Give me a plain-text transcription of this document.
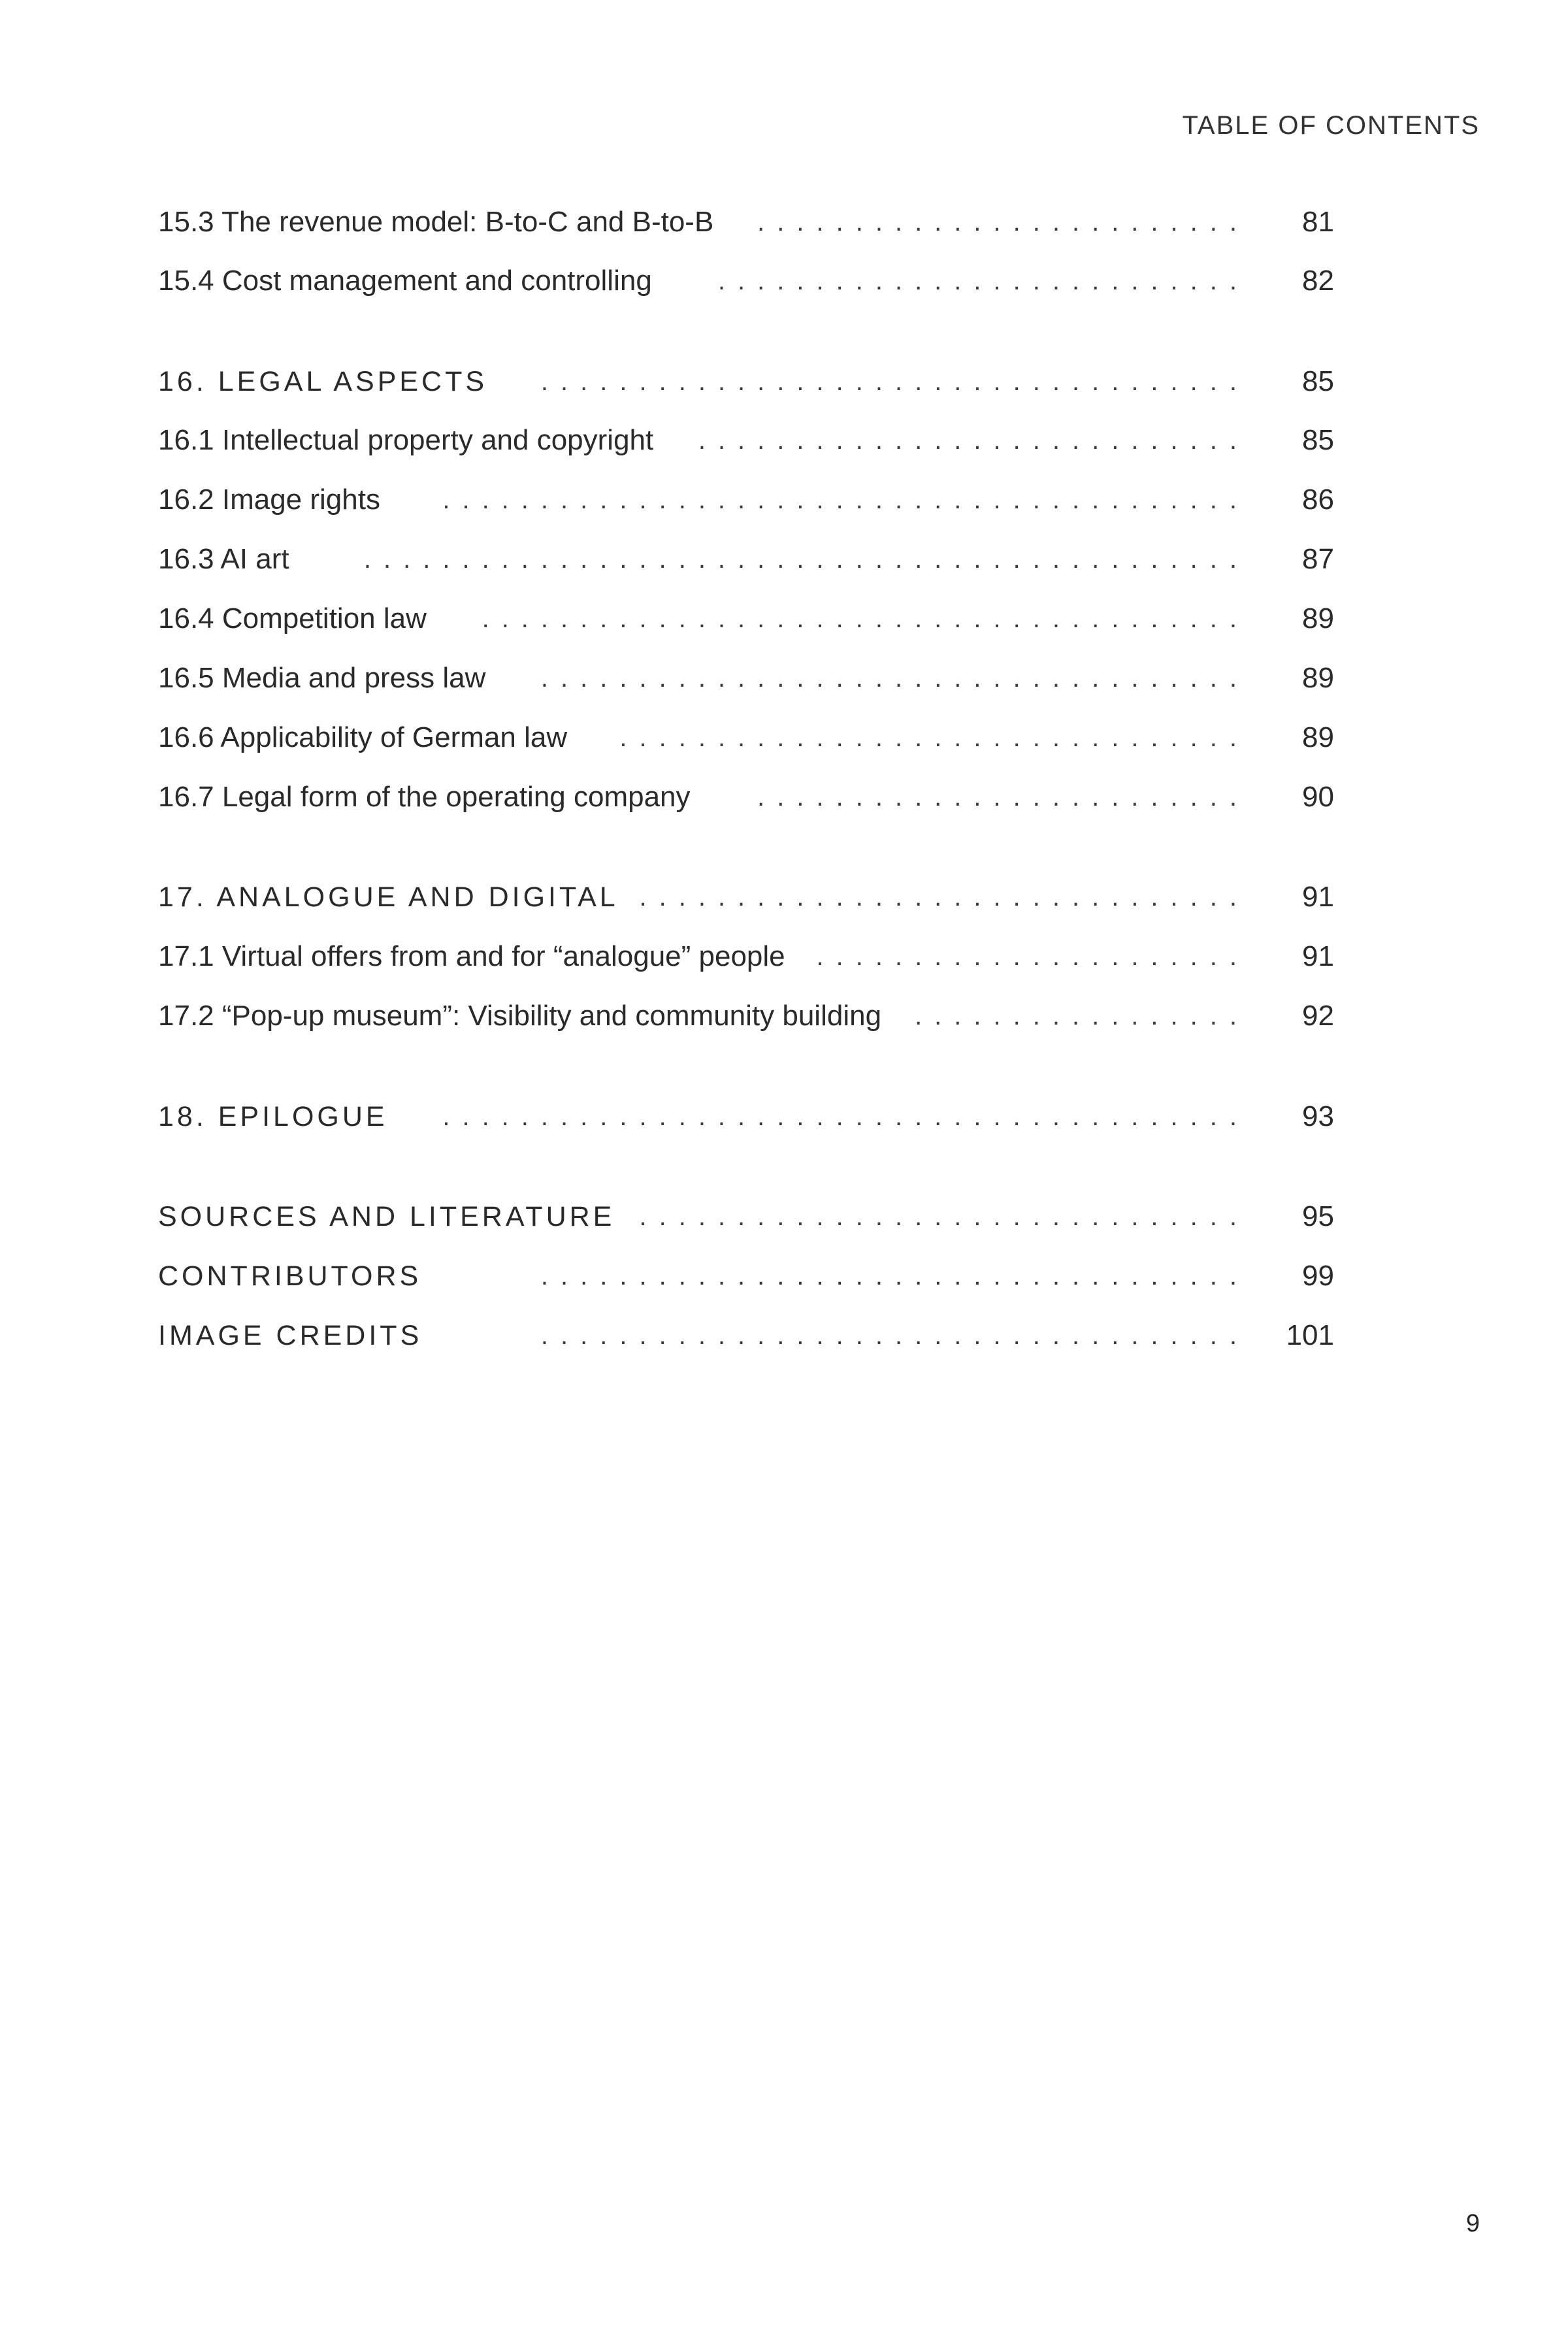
TABLE OF CONTENTS
15.3 The revenue model: B-to-C and B-to-B	.........................	81
15.4 Cost management and controlling	...........................	82
16. LEGAL ASPECTS	....................................	85
16.1 Intellectual property and copyright	............................	85
16.2 Image rights	.........................................	86
16.3 AI art	.............................................	87
16.4 Competition law	.......................................	89
16.5 Media and press law	....................................	89
16.6 Applicability of German law	................................	89
16.7 Legal form of the operating company	.........................	90
17. ANALOGUE AND DIGITAL ...............................	91
17.1 Virtual offers from and for “analogue” people	......................	91
17.2 “Pop-up museum”: Visibility and community building	.................	92
18. EPILOGUE	.........................................	93
SOURCES AND LITERATURE ...............................	95
CONTRIBUTORS	....................................	99
IMAGE CREDITS	....................................	101
9
